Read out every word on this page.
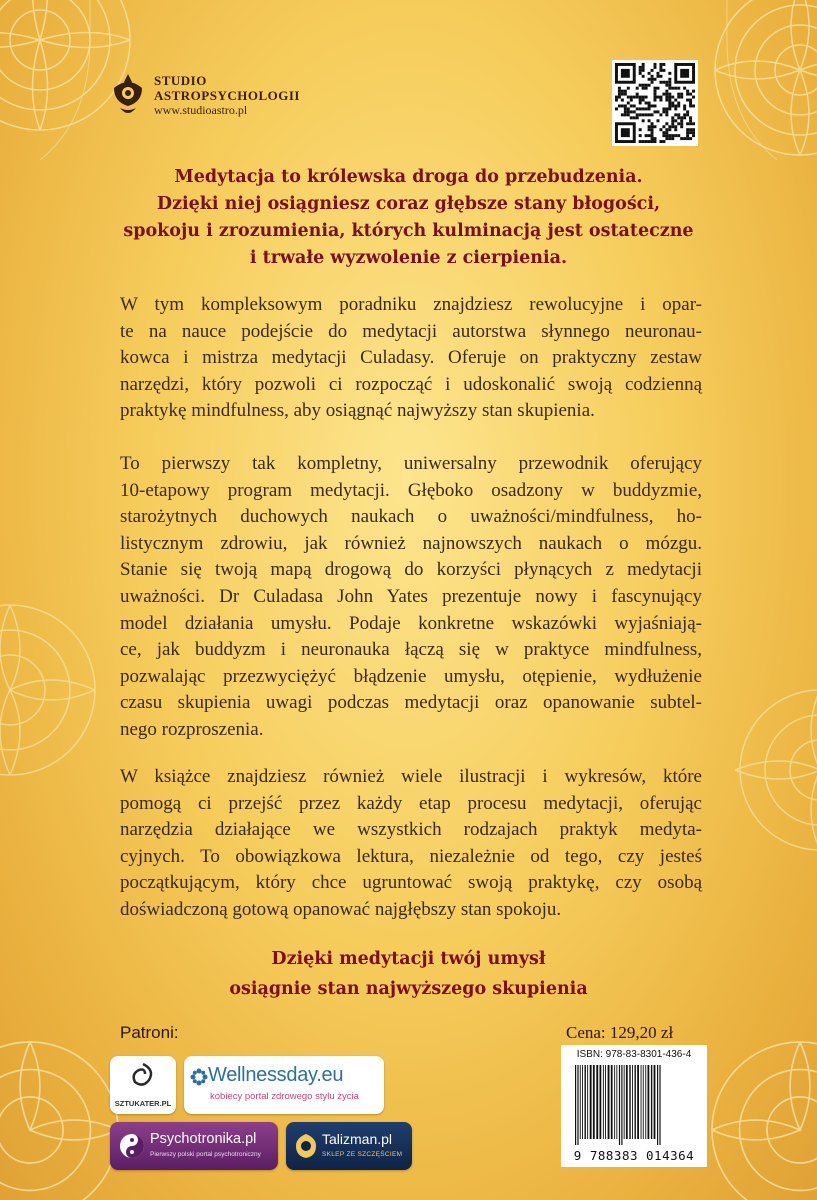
STUDIO
ASTROPSYCHOLOGII
www.studioastro.pl
Medytacja to królewska droga do przebudzenia.
Dzięki niej osiągniesz coraz głębsze stany błogości,
spokoju i zrozumienia, których kulminacją jest ostateczne
i trwałe wyzwolenie z cierpienia.
W tym kompleksowym poradniku znajdziesz rewolucyjne i opar-
te na nauce podejście do medytacji autorstwa słynnego neuronau-
kowca i mistrza medytacji Culadasy. Oferuje on praktyczny zestaw
narzędzi, który pozwoli ci rozpocząć i udoskonalić swoją codzienną
praktykę mindfulness, aby osiągnąć najwyższy stan skupienia.
To pierwszy tak kompletny, uniwersalny przewodnik oferujący
10-etapowy program medytacji. Głęboko osadzony w buddyzmie,
starożytnych duchowych naukach o uważności/mindfulness, ho-
listycznym zdrowiu, jak również najnowszych naukach o mózgu.
Stanie się twoją mapą drogową do korzyści płynących z medytacji
uważności. Dr Culadasa John Yates prezentuje nowy i fascynujący
model działania umysłu. Podaje konkretne wskazówki wyjaśniają-
ce, jak buddyzm i neuronauka łączą się w praktyce mindfulness,
pozwalając przezwyciężyć błądzenie umysłu, otępienie, wydłużenie
czasu skupienia uwagi podczas medytacji oraz opanowanie subtel-
nego rozproszenia.
W książce znajdziesz również wiele ilustracji i wykresów, które
pomogą ci przejść przez każdy etap procesu medytacji, oferując
narzędzia działające we wszystkich rodzajach praktyk medyta-
cyjnych. To obowiązkowa lektura, niezależnie od tego, czy jesteś
początkującym, który chce ugruntować swoją praktykę, czy osobą
doświadczoną gotową opanować najgłębszy stan spokoju.
Dzięki medytacji twój umysł
osiągnie stan najwyższego skupienia
Patroni:	Cena: 129,20 zł
SZTUKATER.PL
Wellnessday.eu
kobiecy portal zdrowego stylu życia
Psychotronika.pl
Pierwszy polski portal psychotroniczny
Talizman.pl
SKLEP ZE SZCZĘŚCIEM
ISBN: 978-83-8301-436-4
9 788383 014364
